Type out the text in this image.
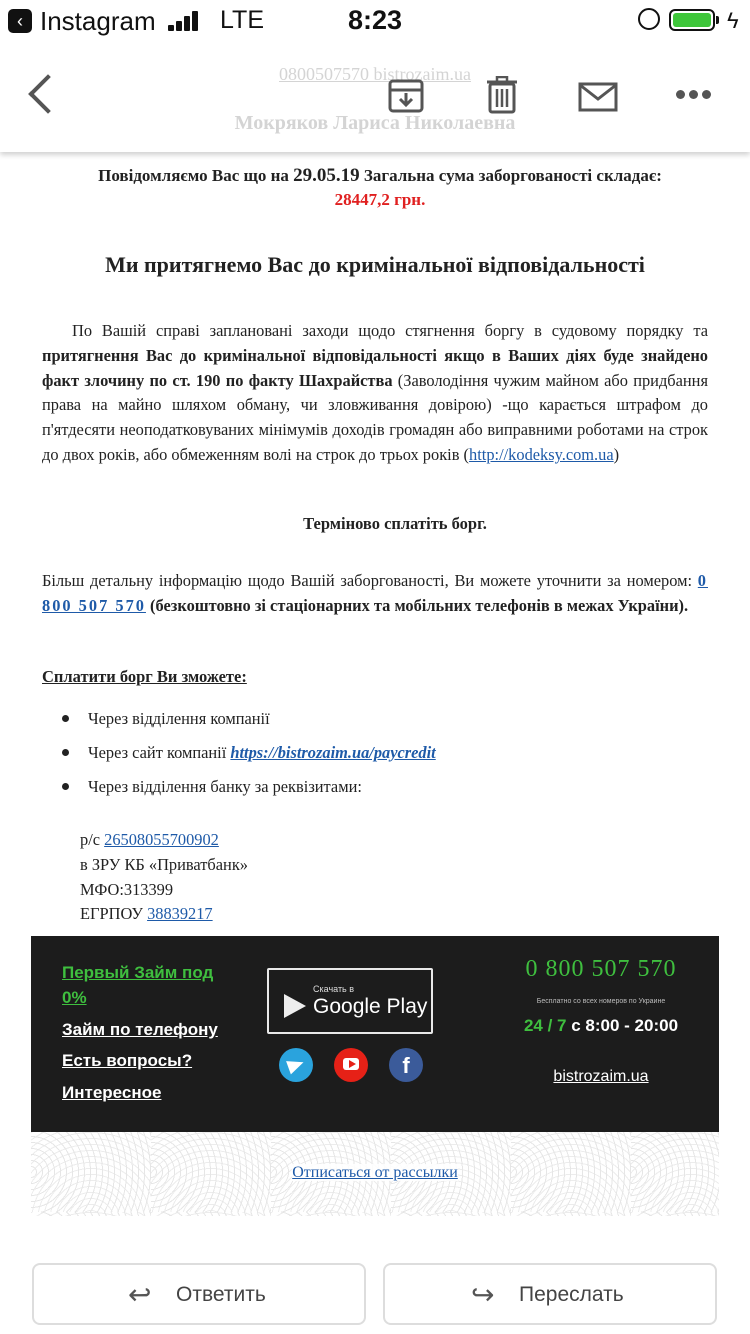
‹ Instagram	LTE	8:23	ϟ
0800507570 bistrozaim.ua
Мокряков Лариса Николаевна
Повідомляємо Вас що на 29.05.19 Загальна сума заборгованості складає:
28447,2 грн.
Ми притягнемо Вас до кримінальної відповідальності
По Вашій справі заплановані заходи щодо стягнення боргу в судовому порядку та притягнення Вас до кримінальної відповідальності якщо в Ваших діях буде знайдено факт злочину по ст. 190 по факту Шахрайства (Заволодіння чужим майном або придбання права на майно шляхом обману, чи зловживання довірою) -що карається штрафом до п'ятдесяти неоподатковуваних мінімумів доходів громадян або виправними роботами на строк до двох років, або обмеженням волі на строк до трьох років (http://kodeksy.com.ua)
Терміново сплатіть борг.
Більш детальну інформацію щодо Вашій заборгованості, Ви можете уточнити за номером: 0 800 507 570 (безкоштовно зі стаціонарних та мобільних телефонів в межах України).
Сплатити борг Ви зможете:
Через відділення компанії
Через сайт компанії https://bistrozaim.ua/paycredit
Через відділення банку за реквізитами:
р/с 26508055700902
в ЗРУ КБ «Приватбанк»
МФО:313399
ЕГРПОУ 38839217
Первый Займ под 0%
Займ по телефону
Есть вопросы?
Интересное
Скачать в
Google Play
f
0 800 507 570
Бесплатно со всех номеров по Украине
24 / 7 с 8:00 - 20:00
bistrozaim.ua
Отписаться от рассылки
↩ Ответить	↪ Переслать
